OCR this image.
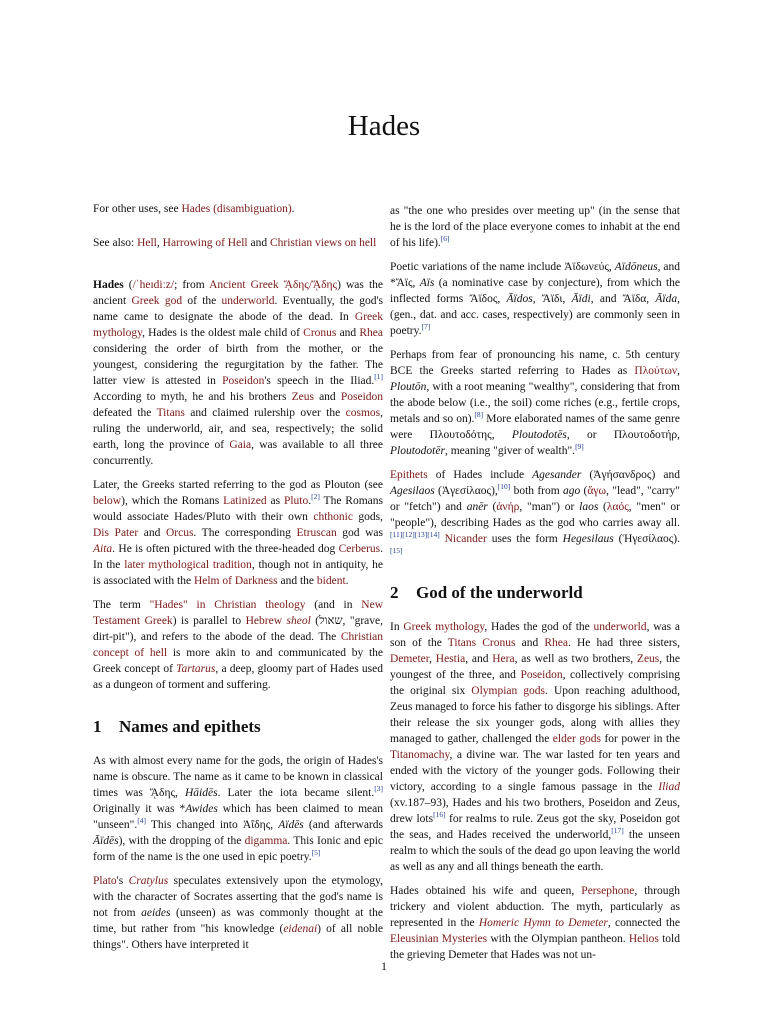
Hades

For other uses, see Hades (disambiguation).

See also: Hell, Harrowing of Hell and Christian views on hell

Hades (/ˈheɪdiːz/; from Ancient Greek ᾍδης/ᾍδης) was the ancient Greek god of the underworld. Eventually, the god's name came to designate the abode of the dead. In Greek mythology, Hades is the oldest male child of Cronus and Rhea considering the order of birth from the mother, or the youngest, considering the regurgitation by the father. The latter view is attested in Poseidon's speech in the Iliad.[1] According to myth, he and his brothers Zeus and Poseidon defeated the Titans and claimed rulership over the cosmos, ruling the underworld, air, and sea, respectively; the solid earth, long the province of Gaia, was available to all three concurrently.

Later, the Greeks started referring to the god as Plouton (see below), which the Romans Latinized as Pluto.[2] The Romans would associate Hades/Pluto with their own chthonic gods, Dis Pater and Orcus. The corresponding Etruscan god was Aita. He is often pictured with the three-headed dog Cerberus. In the later mythological tradition, though not in antiquity, he is associated with the Helm of Darkness and the bident.

The term "Hades" in Christian theology (and in New Testament Greek) is parallel to Hebrew sheol (שאול, "grave, dirt-pit"), and refers to the abode of the dead. The Christian concept of hell is more akin to and communicated by the Greek concept of Tartarus, a deep, gloomy part of Hades used as a dungeon of torment and suffering.

1 Names and epithets

As with almost every name for the gods, the origin of Hades's name is obscure. The name as it came to be known in classical times was ᾍδης, Hāidēs. Later the iota became silent.[3] Originally it was *Awides which has been claimed to mean "unseen".[4] This changed into Ἀΐδης, Aïdēs (and afterwards Āïdēs), with the dropping of the digamma. This Ionic and epic form of the name is the one used in epic poetry.[5]

Plato's Cratylus speculates extensively upon the etymology, with the character of Socrates asserting that the god's name is not from aeides (unseen) as was commonly thought at the time, but rather from "his knowledge (eidenai) of all noble things". Others have interpreted it

as "the one who presides over meeting up" (in the sense that he is the lord of the place everyone comes to inhabit at the end of his life).[6]

Poetic variations of the name include Ἀϊδωνεύς, Aïdōneus, and *Ἄϊς, Aïs (a nominative case by conjecture), from which the inflected forms Ἄϊδος, Āïdos, Ἄϊδι, Āïdi, and Ἄϊδα, Āïda, (gen., dat. and acc. cases, respectively) are commonly seen in poetry.[7]

Perhaps from fear of pronouncing his name, c. 5th century BCE the Greeks started referring to Hades as Πλούτων, Ploutōn, with a root meaning "wealthy", considering that from the abode below (i.e., the soil) come riches (e.g., fertile crops, metals and so on).[8] More elaborated names of the same genre were Πλουτοδότης, Ploutodotēs, or Πλουτοδοτήρ, Ploutodotēr, meaning "giver of wealth".[9]

Epithets of Hades include Agesander (Ἀγήσανδρος) and Agesilaos (Ἀγεσίλαος),[10] both from ago (ἄγω, "lead", "carry" or "fetch") and anēr (ἀνήρ, "man") or laos (λαός, "men" or "people"), describing Hades as the god who carries away all.[11][12][13][14] Nicander uses the form Hegesilaus (Ἡγεσίλαος).[15]

2 God of the underworld

In Greek mythology, Hades the god of the underworld, was a son of the Titans Cronus and Rhea. He had three sisters, Demeter, Hestia, and Hera, as well as two brothers, Zeus, the youngest of the three, and Poseidon, collectively comprising the original six Olympian gods. Upon reaching adulthood, Zeus managed to force his father to disgorge his siblings. After their release the six younger gods, along with allies they managed to gather, challenged the elder gods for power in the Titanomachy, a divine war. The war lasted for ten years and ended with the victory of the younger gods. Following their victory, according to a single famous passage in the Iliad (xv.187–93), Hades and his two brothers, Poseidon and Zeus, drew lots[16] for realms to rule. Zeus got the sky, Poseidon got the seas, and Hades received the underworld,[17] the unseen realm to which the souls of the dead go upon leaving the world as well as any and all things beneath the earth.

Hades obtained his wife and queen, Persephone, through trickery and violent abduction. The myth, particularly as represented in the Homeric Hymn to Demeter, connected the Eleusinian Mysteries with the Olympian pantheon. Helios told the grieving Demeter that Hades was not un-

1
